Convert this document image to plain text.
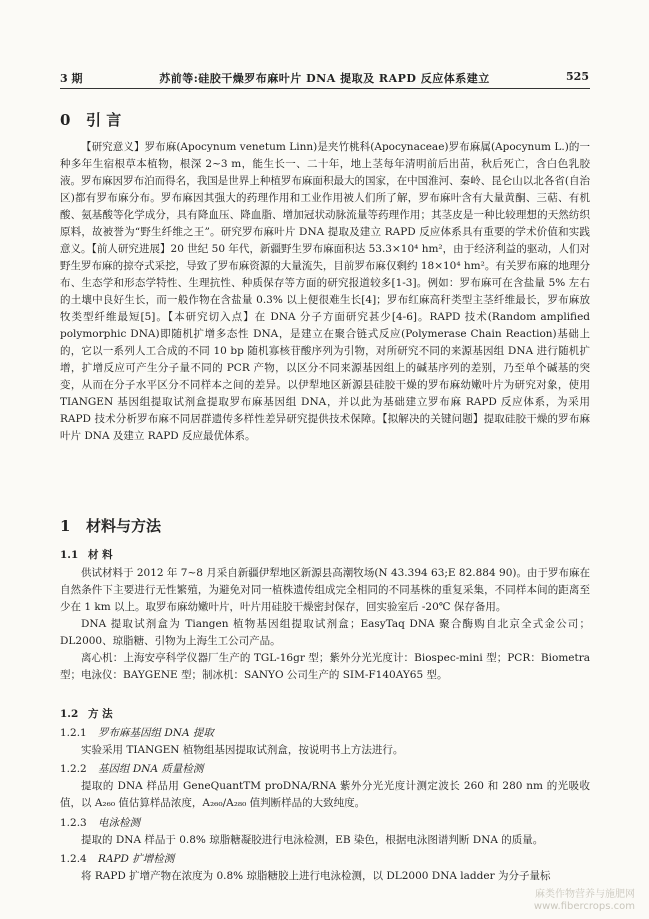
3 期	苏前等:硅胶干燥罗布麻叶片 DNA 提取及 RAPD 反应体系建立	525
0 引 言

【研究意义】罗布麻(Apocynum venetum Linn)是夹竹桃科(Apocynaceae)罗布麻属(Apocynum L.)的一种多年生宿根草本植物，根深 2~3 m，能生长一、二十年，地上茎每年清明前后出苗，秋后死亡，含白色乳胶液。罗布麻因罗布泊而得名，我国是世界上种植罗布麻面积最大的国家，在中国淮河、秦岭、昆仑山以北各省(自治区)都有罗布麻分布。罗布麻因其强大的药理作用和工业作用被人们所了解，罗布麻叶含有大量黄酮、三萜、有机酸、氨基酸等化学成分，具有降血压、降血脂、增加冠状动脉流量等药理作用；其茎皮是一种比较理想的天然纺织原料，故被誉为“野生纤维之王”。研究罗布麻叶片 DNA 提取及建立 RAPD 反应体系具有重要的学术价值和实践意义。【前人研究进展】20 世纪 50 年代，新疆野生罗布麻面积达 53.3×10⁴ hm²，由于经济利益的驱动，人们对野生罗布麻的掠夺式采挖，导致了罗布麻资源的大量流失，目前罗布麻仅剩约 18×10⁴ hm²。有关罗布麻的地理分布、生态学和形态学特性、生理抗性、种质保存等方面的研究报道较多[1-3]。例如：罗布麻可在含盐量 5% 左右的土壤中良好生长，而一般作物在含盐量 0.3% 以上便很难生长[4]；罗布红麻高秆类型主茎纤维最长，罗布麻放牧类型纤维最短[5]。【本研究切入点】在 DNA 分子方面研究甚少[4-6]。RAPD 技术(Random amplified polymorphic DNA)即随机扩增多态性 DNA，是建立在聚合链式反应(Polymerase Chain Reaction)基础上的，它以一系列人工合成的不同 10 bp 随机寡核苷酸序列为引物，对所研究不同的来源基因组 DNA 进行随机扩增，扩增反应可产生分子量不同的 PCR 产物，以区分不同来源基因组上的碱基序列的差别，乃至单个碱基的突变，从而在分子水平区分不同样本之间的差异。以伊犁地区新源县硅胶干燥的罗布麻幼嫩叶片为研究对象，使用 TIANGEN 基因组提取试剂盒提取罗布麻基因组 DNA，并以此为基础建立罗布麻 RAPD 反应体系，为采用 RAPD 技术分析罗布麻不同居群遗传多样性差异研究提供技术保障。【拟解决的关键问题】提取硅胶干燥的罗布麻叶片 DNA 及建立 RAPD 反应最优体系。

1 材料与方法
1.1 材 料

供试材料于 2012 年 7~8 月采自新疆伊犁地区新源县高潮牧场(N 43.394 63;E 82.884 90)。由于罗布麻在自然条件下主要进行无性繁殖，为避免对同一植株遗传组成完全相同的不同基株的重复采集，不同样本间的距离至少在 1 km 以上。取罗布麻幼嫩叶片，叶片用硅胶干燥密封保存，回实验室后 -20℃ 保存备用。

DNA 提取试剂盒为 Tiangen 植物基因组提取试剂盒；EasyTaq DNA 聚合酶购自北京全式金公司；DL2000、琼脂糖、引物为上海生工公司产品。

离心机：上海安亭科学仪器厂生产的 TGL-16gr 型；紫外分光光度计：Biospec-mini 型；PCR：Biometra 型；电泳仪：BAYGENE 型；制冰机：SANYO 公司生产的 SIM-F140AY65 型。

1.2 方 法
1.2.1 罗布麻基因组 DNA 提取

实验采用 TIANGEN 植物组基因提取试剂盒，按说明书上方法进行。

1.2.2 基因组 DNA 质量检测

提取的 DNA 样品用 GeneQuantTM proDNA/RNA 紫外分光光度计测定波长 260 和 280 nm 的光吸收值，以 A₂₆₀ 值估算样品浓度，A₂₆₀/A₂₈₀ 值判断样品的大致纯度。

1.2.3 电泳检测

提取的 DNA 样品于 0.8% 琼脂糖凝胶进行电泳检测，EB 染色，根据电泳图谱判断 DNA 的质量。

1.2.4 RAPD 扩增检测

将 RAPD 扩增产物在浓度为 0.8% 琼脂糖胶上进行电泳检测，以 DL2000 DNA ladder 为分子量标

麻类作物营养与施肥网
www.fibercrops.com
